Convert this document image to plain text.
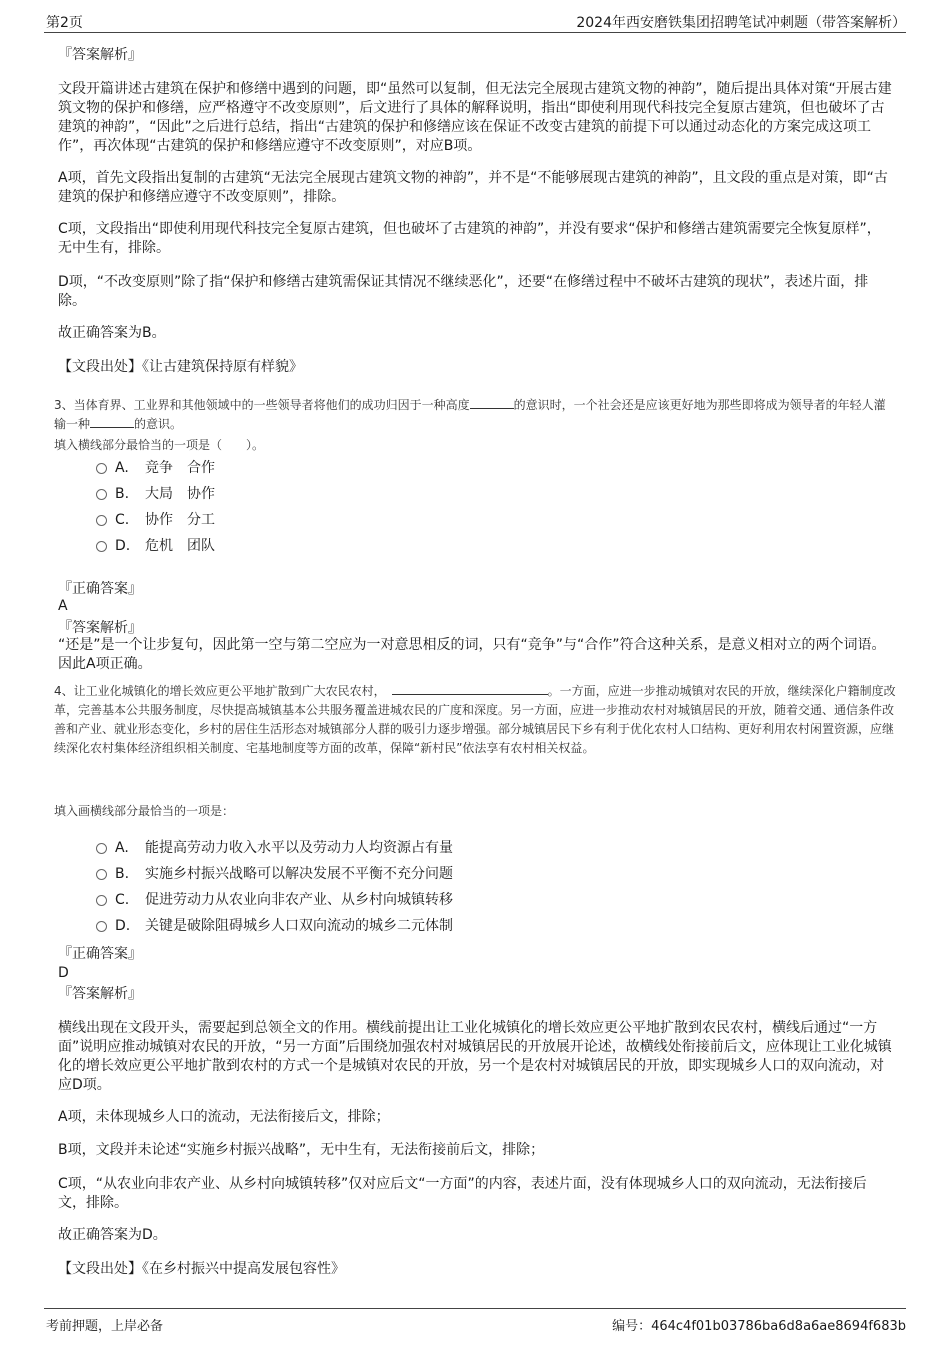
第2页	2024年西安磨铁集团招聘笔试冲刺题（带答案解析）
『答案解析』
文段开篇讲述古建筑在保护和修缮中遇到的问题，即“虽然可以复制，但无法完全展现古建筑文物的神韵”，随后提出具体对策“开展古建筑文物的保护和修缮，应严格遵守不改变原则”，后文进行了具体的解释说明，指出“即使利用现代科技完全复原古建筑，但也破坏了古建筑的神韵”，“因此”之后进行总结，指出“古建筑的保护和修缮应该在保证不改变古建筑的前提下可以通过动态化的方案完成这项工作”，再次体现“古建筑的保护和修缮应遵守不改变原则”，对应B项。
A项，首先文段指出复制的古建筑“无法完全展现古建筑文物的神韵”，并不是“不能够展现古建筑的神韵”，且文段的重点是对策，即“古建筑的保护和修缮应遵守不改变原则”，排除。
C项，文段指出“即使利用现代科技完全复原古建筑，但也破坏了古建筑的神韵”，并没有要求“保护和修缮古建筑需要完全恢复原样”，无中生有，排除。
D项，“不改变原则”除了指“保护和修缮古建筑需保证其情况不继续恶化”，还要“在修缮过程中不破坏古建筑的现状”，表述片面，排除。
故正确答案为B。
【文段出处】《让古建筑保持原有样貌》
3、当体育界、工业界和其他领域中的一些领导者将他们的成功归因于一种高度	的意识时，一个社会还是应该更好地为那些即将成为领导者的年轻人灌输一种	的意识。
填入横线部分最恰当的一项是（　　）。
A. 竞争 合作
B. 大局 协作
C. 协作 分工
D. 危机 团队
『正确答案』
A
『答案解析』
“还是”是一个让步复句，因此第一空与第二空应为一对意思相反的词，只有“竞争”与“合作”符合这种关系，是意义相对立的两个词语。因此A项正确。
4、让工业化城镇化的增长效应更公平地扩散到广大农民农村，	。一方面，应进一步推动城镇对农民的开放，继续深化户籍制度改革，完善基本公共服务制度，尽快提高城镇基本公共服务覆盖进城农民的广度和深度。另一方面，应进一步推动农村对城镇居民的开放，随着交通、通信条件改善和产业、就业形态变化，乡村的居住生活形态对城镇部分人群的吸引力逐步增强。部分城镇居民下乡有利于优化农村人口结构、更好利用农村闲置资源，应继续深化农村集体经济组织相关制度、宅基地制度等方面的改革，保障“新村民”依法享有农村相关权益。
填入画横线部分最恰当的一项是：
A. 能提高劳动力收入水平以及劳动力人均资源占有量
B. 实施乡村振兴战略可以解决发展不平衡不充分问题
C. 促进劳动力从农业向非农产业、从乡村向城镇转移
D. 关键是破除阻碍城乡人口双向流动的城乡二元体制
『正确答案』
D
『答案解析』
横线出现在文段开头，需要起到总领全文的作用。横线前提出让工业化城镇化的增长效应更公平地扩散到农民农村，横线后通过“一方面”说明应推动城镇对农民的开放，“另一方面”后围绕加强农村对城镇居民的开放展开论述，故横线处衔接前后文，应体现让工业化城镇化的增长效应更公平地扩散到农村的方式一个是城镇对农民的开放，另一个是农村对城镇居民的开放，即实现城乡人口的双向流动，对应D项。
A项，未体现城乡人口的流动，无法衔接后文，排除；
B项，文段并未论述“实施乡村振兴战略”，无中生有，无法衔接前后文，排除；
C项，“从农业向非农产业、从乡村向城镇转移”仅对应后文“一方面”的内容，表述片面，没有体现城乡人口的双向流动，无法衔接后文，排除。
故正确答案为D。
【文段出处】《在乡村振兴中提高发展包容性》
考前押题，上岸必备	编号：464c4f01b03786ba6d8a6ae8694f683b
